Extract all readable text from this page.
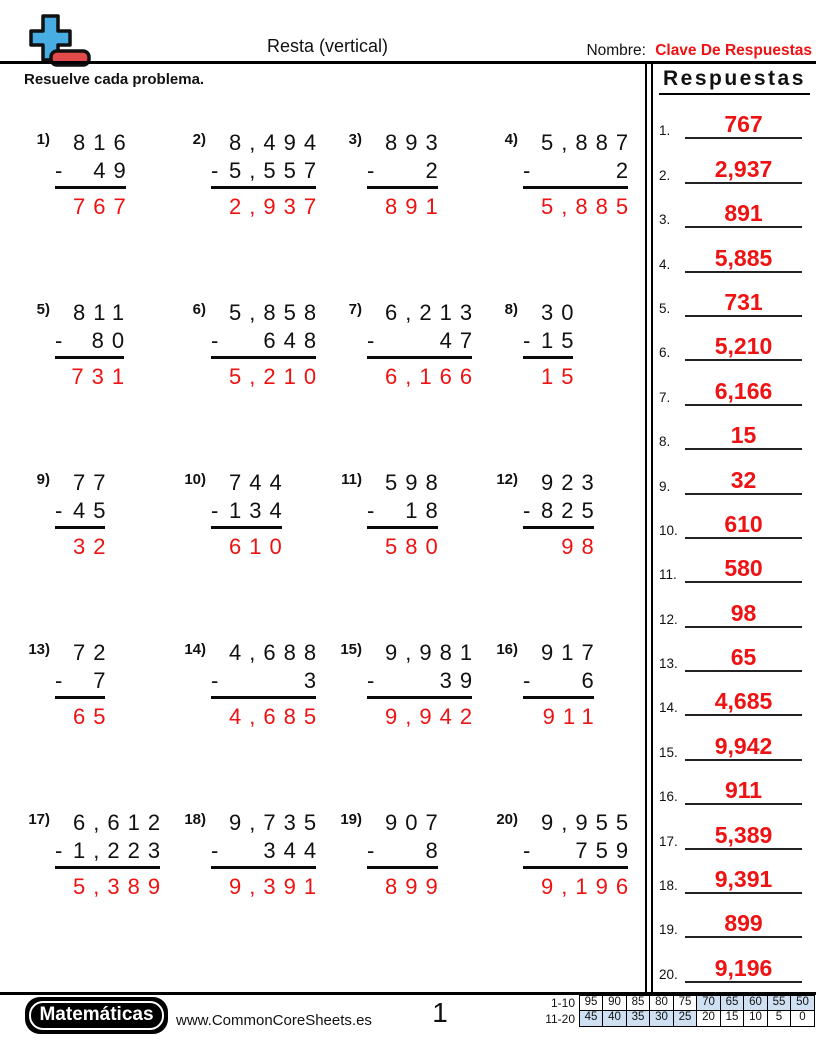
Resta (vertical)	Nombre: Clave De Respuestas
Resuelve cada problema.
1)	816
- 49
767
2)	8,494
- 5,557
2,937
3)	893
- 2
891
4)	5,887
-	2
5,885
5)	811
- 80
731
6)	5,858
- 648
5,210
7)	6,213
-	47
6,166
8)	30
- 15
15
9)	77
- 45
32
10)	744
- 134
610
11)	598
- 18
580
12)	923
- 825
98
13)	72
- 7
65
14)	4,688
-	3
4,685
15)	9,981
-	39
9,942
16)	917
- 6
911
17)	6,612
- 1,223
5,389
18)	9,735
- 344
9,391
19)	907
- 8
899
20)	9,955
- 759
9,196
Respuestas
1.	767
2.	2,937
3.	891
4.	5,885
5.	731
6.	5,210
7.	6,166
8.	15
9.	32
10.	610
11.	580
12.	98
13.	65
14.	4,685
15.	9,942
16.	911
17.	5,389
18.	9,391
19.	899
20.	9,196
Matemáticas	www.CommonCoreSheets.es	1	1-10 95 90 85 80 75 70 65 60 55 50
11-20 45 40 35 30 25 20 15 10	5	0
